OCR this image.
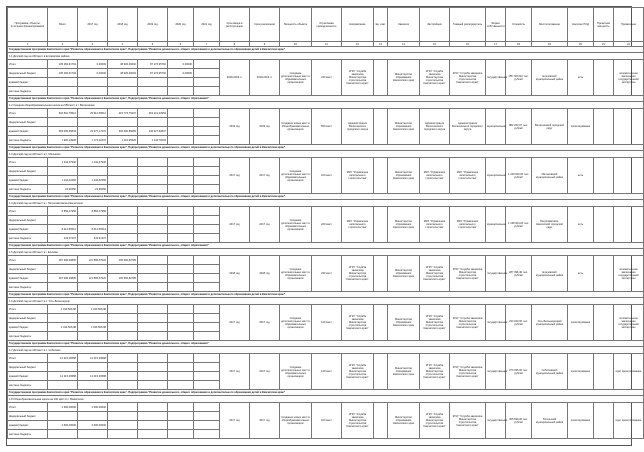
Программа, объекты, источники финансирования	Всего	2017 год	2018 год	2019 год	2020 год	2021 год	Срок ввода в эксплуатацию	Срок реализации	Мощность объекта	Отраслевая принадлежность	Направление	Ед. изм.	Заказчик	Застройщик	Главный распорядитель	Форма собственности	Стоимость	Местоположение	Наличие ПСД	Проектная мощность	Примечание
1	2	3	4	5	6	7	8	9	10	11	12	13	14	15	16	17	18	19	20	21	22
Государственная программа Камчатского края "Развитие образования в Камчатском крае", Подпрограмма "Развитие дошкольного, общего образования и дополнительного образования детей в Камчатском крае"																					
1.1 Детский сад на 240 мест в Елизовском районе																					
Итого	135 182,61794	0,00000	48 906,46092	87 276,95702	0,00000		2018-2019 гг.	2018-2019 гг.	Создание дополнительных мест в образовательных организациях	240 мест	КГКУ "Служба заказчика Министерства строительства Камчатского края"		Министерство образования Камчатского края	КГКУ "Служба заказчика Министерства строительства Камчатского края"	КГКУ "Служба заказчика Министерства строительства Камчатского края"	государственная	155 728,022 тыс. рублей	Елизовский муниципальный район	есть		положительное заключение государственной экспертизы
федеральный бюджет	135 182,61794	0,00000	48 906,46092	87 276,95702	0,00000																
краевой бюджет																					
местные бюджеты																					
Государственная программа Камчатского края "Развитие образования в Камчатском крае", Подпрограмма "Развитие дошкольного, общего образования"																					
1.2 Средняя общеобразовательная школа на 550 мест в г. Вилючинске																					
Итого	604 591,76512	25 612,59512	415 776,75407	163 221,02953			2019 год	2019 год	Создание новых мест в общеобразовательных организациях	550 мест	Администрация Вилючинского городского округа		Министерство образования Камчатского края	Администрация Вилючинского городского округа	Администрация Вилючинского городского округа	муниципальная	882 262,07 тыс. рублей	Вилючинский городской округ	проектирование		
федеральный бюджет																					
краевой бюджет	563 005,65833	23 277,17331	393 500,85665	146 227,62837																	
местные бюджеты	1 920,14928	1 172,02437	1 116,95325	1 144,78103																	
Государственная программа Камчатского края "Развитие образования в Камчатском крае", Подпрограмма "Развитие дошкольного, общего образования и дополнительного образования детей в Камчатском крае"																					
1.3 Детский сад на 100 мест в с. Мильково																					
Итого	1 244,67930	1 244,67930					2017 год	2017 год	Создание дополнительных мест в образовательных организациях	100 мест	МКУ "Управление капитального строительства"		Министерство образования Камчатского края	МКУ "Управление капитального строительства"	МКУ "Управление капитального строительства"	муниципальная	1 249 643,00 тыс. рублей	Мильковский муниципальный район	есть		
федеральный бюджет																					
краевой бюджет	1 244,42356	1 244,42356																			
местные бюджеты	24,96350	24,96350																			
Государственная программа Камчатского края "Развитие образования в Камчатском крае", Подпрограмма "Развитие дошкольного, общего образования и дополнительного образования детей в Камчатском крае"																					
1.4 Детский сад на 220 мест в г. Петропавловске-Камчатском																					
Итого	8 856,47950	8 856,47950					2017 год	2017 год	Создание дополнительных мест в образовательных организациях	220 мест	МКУ "Управление капитального строительства"		Министерство образования Камчатского края	МКУ "Управление капитального строительства"	МКУ "Управление капитального строительства"	муниципальная	1 138 064,00 тыс. рублей	Петропавловск-Камчатский городской округ	есть		
федеральный бюджет																					
краевой бюджет	8 412,50513	8 412,50513																			
местные бюджеты	443,97437	443,97437																			
Государственная программа Камчатского края "Развитие образования в Камчатском крае", Подпрограмма "Развитие дошкольного, общего образования"																					
1.5 Детский сад на 230 мест в г. Елизово																					
Итого	287 396,39805	121 895,57020	165 500,82785				2018 год	2018 год	Создание дополнительных мест в образовательных организациях	230 мест	КГКУ "Служба заказчика Министерства строительства Камчатского края"		Министерство образования Камчатского края	КГКУ "Служба заказчика Министерства строительства Камчатского края"	КГКУ "Служба заказчика Министерства строительства Камчатского края"	государственная	287 396,40 тыс. рублей	Елизовский муниципальный район	есть		положительное заключение государственной экспертизы
федеральный бюджет																					
краевой бюджет	287 396,39805	121 895,57020	165 500,82785																		
местные бюджеты																					
Государственная программа Камчатского края "Развитие образования в Камчатском крае", Подпрограмма "Развитие дошкольного, общего образования и дополнительного образования детей в Камчатском крае"																					
1.6 Детский сад на 120 мест в с. Усть-Большерецк																					
Итого	1 040 506,98	1 040 506,98					2017 год	2017 год	Создание дополнительных мест в образовательных организациях	120 мест	КГКУ "Служба заказчика Министерства строительства Камчатского края"		Министерство образования Камчатского края	КГКУ "Служба заказчика Министерства строительства Камчатского края"	КГКУ "Служба заказчика Министерства строительства Камчатского края"	государственная	244 040,00 тыс. рублей	Усть-Большерецкий муниципальный район	проектирование		положительное заключение государственной экспертизы
федеральный бюджет																					
краевой бюджет	1 040 506,98	1 040 506,98																			
местные бюджеты																					
Государственная программа Камчатского края "Развитие образования в Камчатском крае", Подпрограмма "Развитие дошкольного, общего образования"																					
1.7 Детский сад на 140 мест в с. Соболево																					
Итого	12 215,26588	12 215,26588					2017 год	2017 год	Создание дополнительных мест в образовательных организациях	140 мест	КГКУ "Служба заказчика Министерства строительства Камчатского края"		Министерство образования Камчатского края	КГКУ "Служба заказчика Министерства строительства Камчатского края"	КГКУ "Служба заказчика Министерства строительства Камчатского края"	государственная	270 335,00 тыс. рублей	Соболевский муниципальный район	проектирование		идет проектирование
федеральный бюджет																					
краевой бюджет	12 215,26588	12 215,26588																			
местные бюджеты																					
Государственная программа Камчатского края "Развитие образования в Камчатском крае", Подпрограмма "Развитие дошкольного, общего образования и дополнительного образования детей в Камчатском крае"																					
1.8 Общеобразовательная школа на 100 мест в с. Воямполка																					
Итого	2 600,00000	2 600,00000					2017 год	2017 год	Создание новых мест в общеобразовательных организациях	100 мест	КГКУ "Служба заказчика Министерства строительства Камчатского края"		Министерство образования Камчатского края	КГКУ "Служба заказчика Министерства строительства Камчатского края"	КГКУ "Служба заказчика Министерства строительства Камчатского края"	государственная	305 590,00 тыс. рублей	Тигильский муниципальный район	проектирование		идет проектирование
федеральный бюджет																					
краевой бюджет	2 600,00000	2 600,00000																			
местные бюджеты																					
